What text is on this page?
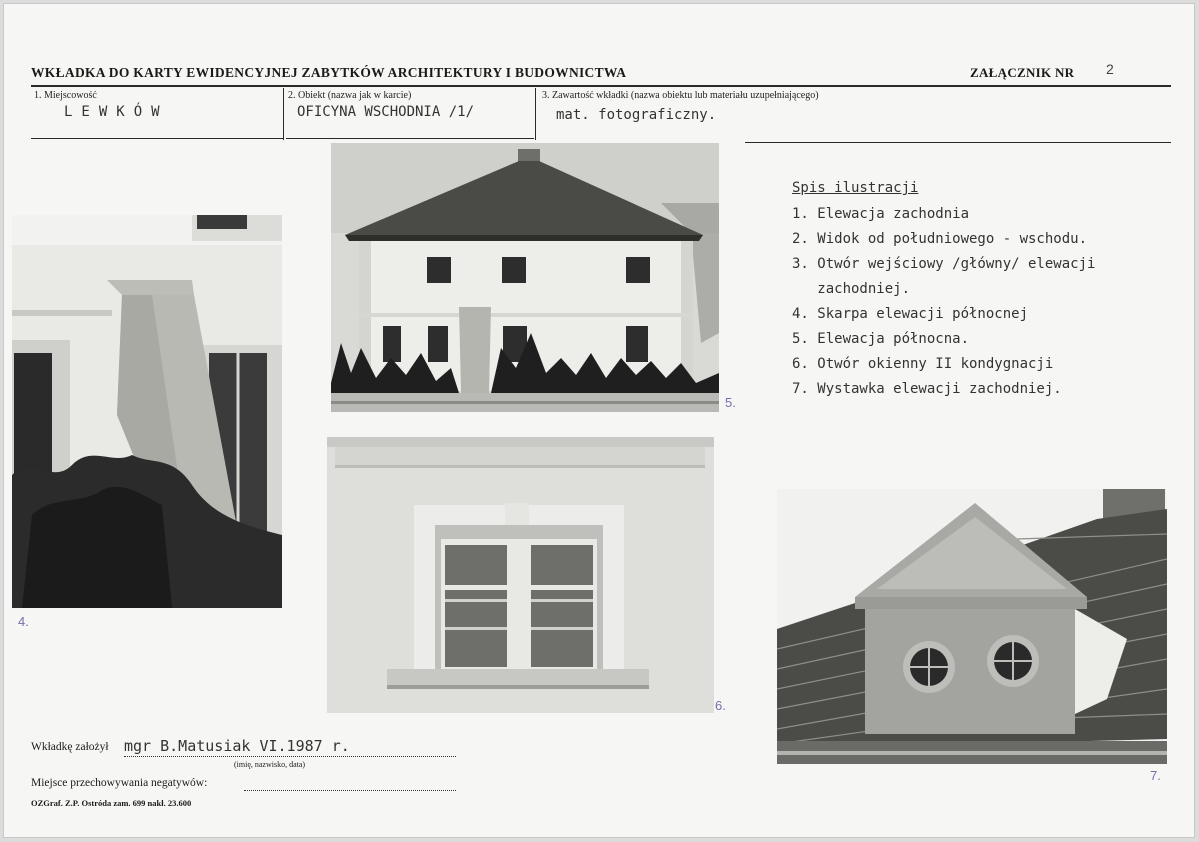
WKŁADKA DO KARTY EWIDENCYJNEJ ZABYTKÓW ARCHITEKTURY I BUDOWNICTWA	ZAŁĄCZNIK NR 2
1. Miejscowość	2. Obiekt (nazwa jak w karcie)	3. Zawartość wkładki (nazwa obiektu lub materiału uzupełniającego)
LEWKÓW	OFICYNA WSCHODNIA /1/	mat. fotograficzny.
4.
5.
6.
7.
Spis ilustracji
1. Elewacja zachodnia
2. Widok od południowego - wschodu.
3. Otwór wejściowy /główny/ elewacji
zachodniej.
4. Skarpa elewacji północnej
5. Elewacja północna.
6. Otwór okienny II kondygnacji
7. Wystawka elewacji zachodniej.
Wkładkę założył mgr B.Matusiak VI.1987 r.
(imię, nazwisko, data)
Miejsce przechowywania negatywów:
OZGraf. Z.P. Ostróda zam. 699 nakł. 23.600
